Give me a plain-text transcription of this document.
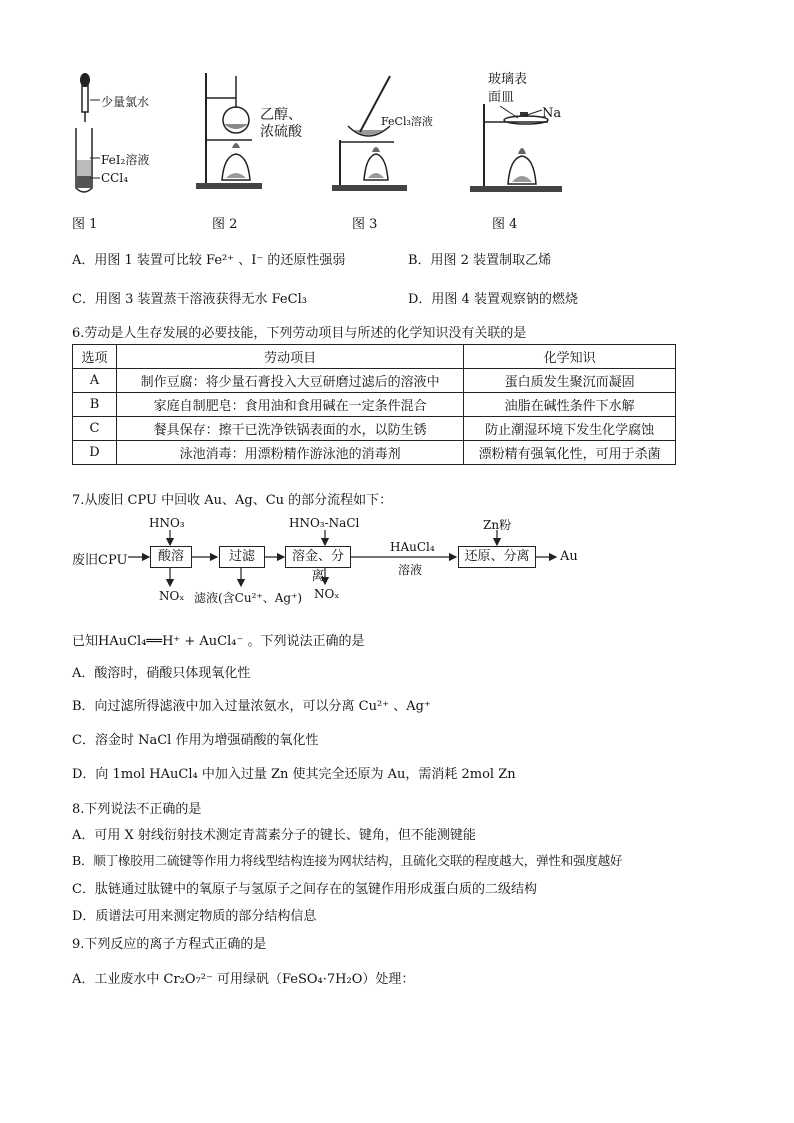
少量氯水
FeI₂溶液
CCl₄
乙醇、
浓硫酸
FeCl₃溶液
玻璃表
面皿
Na
图 1	图 2	图 3	图 4
A．用图 1 装置可比较 Fe²⁺ 、I⁻ 的还原性强弱	B．用图 2 装置制取乙烯
C．用图 3 装置蒸干溶液获得无水 FeCl₃	D．用图 4 装置观察钠的燃烧
6.劳动是人生存发展的必要技能，下列劳动项目与所述的化学知识没有关联的是
选项	劳动项目	化学知识
A	制作豆腐：将少量石膏投入大豆研磨过滤后的溶液中	蛋白质发生聚沉而凝固
B	家庭自制肥皂：食用油和食用碱在一定条件混合	油脂在碱性条件下水解
C	餐具保存：擦干已洗净铁锅表面的水，以防生锈	防止潮湿环境下发生化学腐蚀
D	泳池消毒：用漂粉精作游泳池的消毒剂	漂粉精有强氧化性，可用于杀菌
7.从废旧 CPU 中回收 Au、Ag、Cu 的部分流程如下：
废旧CPU	酸溶	过滤	溶金、分离
还原、分离
HNO₃	HNO₃-NaCl	Zn粉
NOₓ 滤液(含Cu²⁺、Ag⁺) NOₓ
HAuCl₄
溶液
Au
已知HAuCl₄══H⁺ + AuCl₄⁻ 。下列说法正确的是
A．酸溶时，硝酸只体现氧化性
B．向过滤所得滤液中加入过量浓氨水，可以分离 Cu²⁺ 、Ag⁺
C．溶金时 NaCl 作用为增强硝酸的氧化性
D．向 1mol HAuCl₄ 中加入过量 Zn 使其完全还原为 Au，需消耗 2mol Zn
8.下列说法不正确的是
A．可用 X 射线衍射技术测定青蒿素分子的键长、键角，但不能测键能
B．顺丁橡胶用二硫键等作用力将线型结构连接为网状结构，且硫化交联的程度越大，弹性和强度越好
C．肽链通过肽键中的氧原子与氢原子之间存在的氢键作用形成蛋白质的二级结构
D．质谱法可用来测定物质的部分结构信息
9.下列反应的离子方程式正确的是
A．工业废水中 Cr₂O₇²⁻ 可用绿矾（FeSO₄·7H₂O）处理：
